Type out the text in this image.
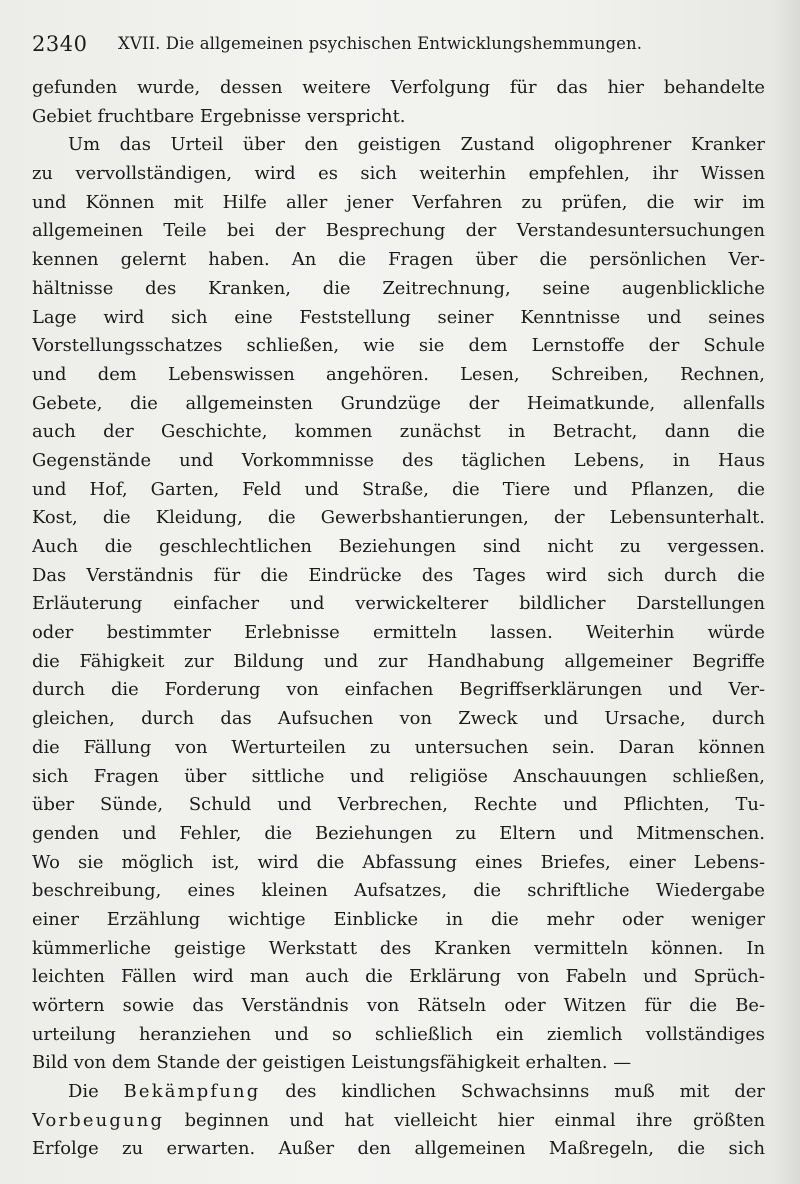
2340 XVII. Die allgemeinen psychischen Entwicklungshemmungen.
gefunden wurde, dessen weitere Verfolgung für das hier behandelte
Gebiet fruchtbare Ergebnisse verspricht.
Um das Urteil über den geistigen Zustand oligophrener Kranker
zu vervollständigen, wird es sich weiterhin empfehlen, ihr Wissen
und Können mit Hilfe aller jener Verfahren zu prüfen, die wir im
allgemeinen Teile bei der Besprechung der Verstandesuntersuchungen
kennen gelernt haben. An die Fragen über die persönlichen Ver-
hältnisse des Kranken, die Zeitrechnung, seine augenblickliche
Lage wird sich eine Feststellung seiner Kenntnisse und seines
Vorstellungsschatzes schließen, wie sie dem Lernstoffe der Schule
und dem Lebenswissen angehören. Lesen, Schreiben, Rechnen,
Gebete, die allgemeinsten Grundzüge der Heimatkunde, allenfalls
auch der Geschichte, kommen zunächst in Betracht, dann die
Gegenstände und Vorkommnisse des täglichen Lebens, in Haus
und Hof, Garten, Feld und Straße, die Tiere und Pflanzen, die
Kost, die Kleidung, die Gewerbshantierungen, der Lebensunterhalt.
Auch die geschlechtlichen Beziehungen sind nicht zu vergessen.
Das Verständnis für die Eindrücke des Tages wird sich durch die
Erläuterung einfacher und verwickelterer bildlicher Darstellungen
oder bestimmter Erlebnisse ermitteln lassen. Weiterhin würde
die Fähigkeit zur Bildung und zur Handhabung allgemeiner Begriffe
durch die Forderung von einfachen Begriffserklärungen und Ver-
gleichen, durch das Aufsuchen von Zweck und Ursache, durch
die Fällung von Werturteilen zu untersuchen sein. Daran können
sich Fragen über sittliche und religiöse Anschauungen schließen,
über Sünde, Schuld und Verbrechen, Rechte und Pflichten, Tu-
genden und Fehler, die Beziehungen zu Eltern und Mitmenschen.
Wo sie möglich ist, wird die Abfassung eines Briefes, einer Lebens-
beschreibung, eines kleinen Aufsatzes, die schriftliche Wiedergabe
einer Erzählung wichtige Einblicke in die mehr oder weniger
kümmerliche geistige Werkstatt des Kranken vermitteln können. In
leichten Fällen wird man auch die Erklärung von Fabeln und Sprüch-
wörtern sowie das Verständnis von Rätseln oder Witzen für die Be-
urteilung heranziehen und so schließlich ein ziemlich vollständiges
Bild von dem Stande der geistigen Leistungsfähigkeit erhalten. —
Die Bekämpfung des kindlichen Schwachsinns muß mit der
Vorbeugung beginnen und hat vielleicht hier einmal ihre größten
Erfolge zu erwarten. Außer den allgemeinen Maßregeln, die sich
